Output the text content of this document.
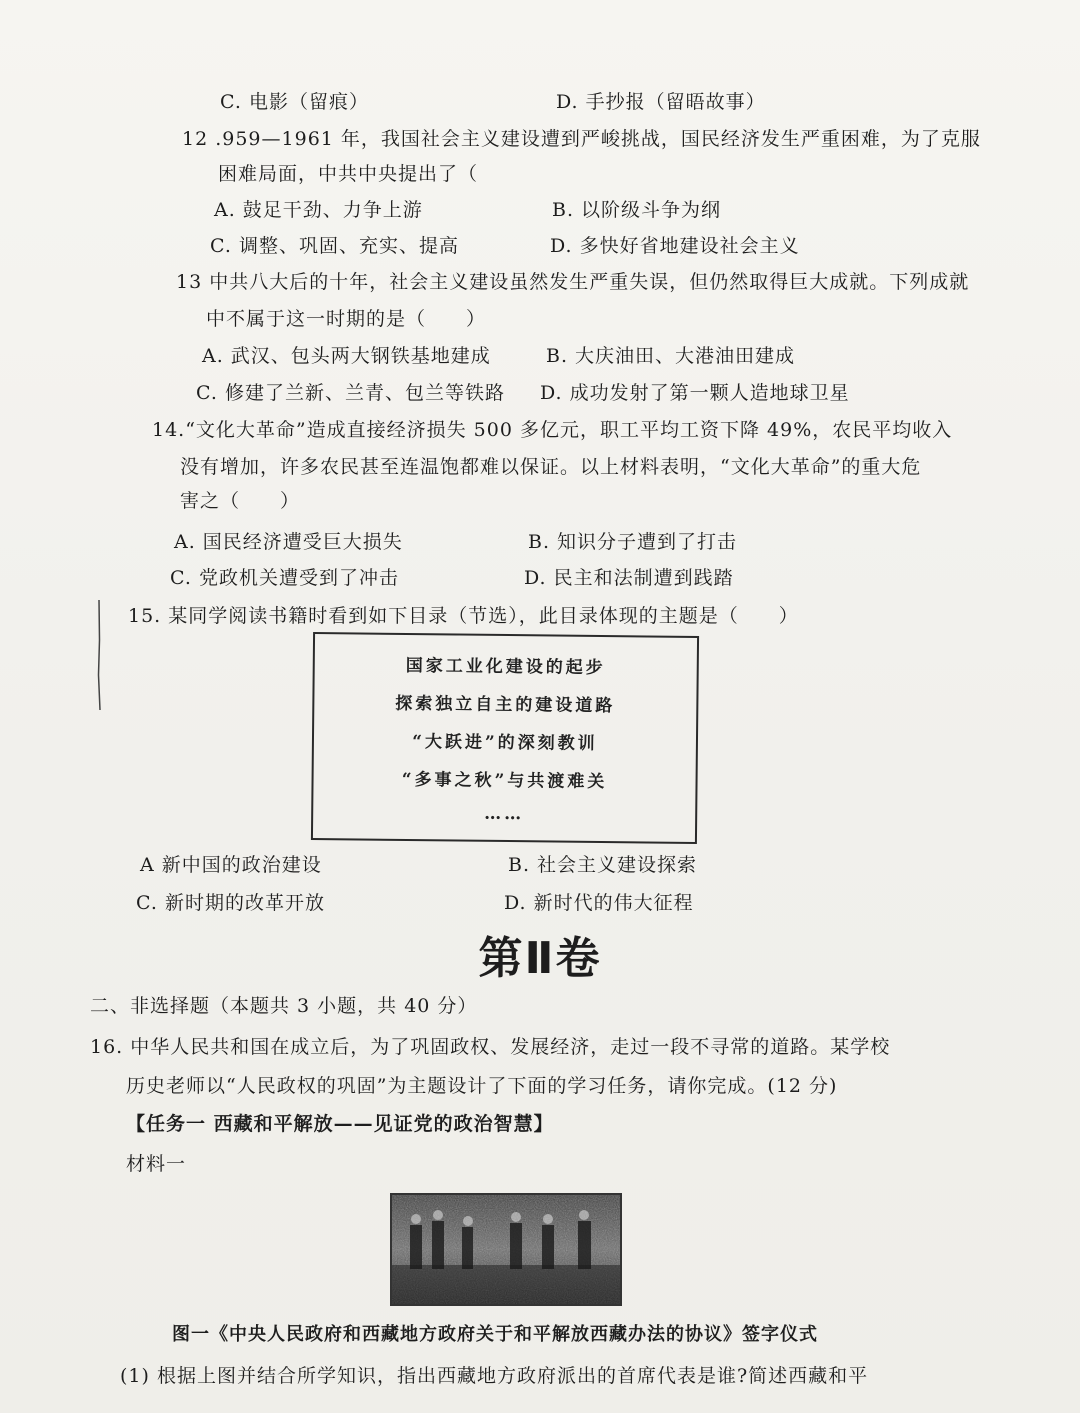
C. 电影（留痕）	D. 手抄报（留晤故事）
12 .959—1961 年，我国社会主义建设遭到严峻挑战，国民经济发生严重困难，为了克服
困难局面，中共中央提出了（
A. 鼓足干劲、力争上游	B. 以阶级斗争为纲
C. 调整、巩固、充实、提高	D. 多快好省地建设社会主义
13 中共八大后的十年，社会主义建设虽然发生严重失误，但仍然取得巨大成就。下列成就
中不属于这一时期的是（　　）
A. 武汉、包头两大钢铁基地建成	B. 大庆油田、大港油田建成
C. 修建了兰新、兰青、包兰等铁路 D. 成功发射了第一颗人造地球卫星
14.“文化大革命”造成直接经济损失 500 多亿元，职工平均工资下降 49%，农民平均收入
没有增加，许多农民甚至连温饱都难以保证。以上材料表明，“文化大革命”的重大危
害之（　　）
A. 国民经济遭受巨大损失	B. 知识分子遭到了打击
C. 党政机关遭受到了冲击	D. 民主和法制遭到践踏
15. 某同学阅读书籍时看到如下目录（节选），此目录体现的主题是（　　）
国家工业化建设的起步
探索独立自主的建设道路
“大跃进”的深刻教训
“多事之秋”与共渡难关
……
A 新中国的政治建设	B. 社会主义建设探索
C. 新时期的改革开放	D. 新时代的伟大征程
第Ⅱ卷
二、非选择题（本题共 3 小题，共 40 分）
16. 中华人民共和国在成立后，为了巩固政权、发展经济，走过一段不寻常的道路。某学校
历史老师以“人民政权的巩固”为主题设计了下面的学习任务，请你完成。(12 分)
【任务一 西藏和平解放——见证党的政治智慧】
材料一
图一《中央人民政府和西藏地方政府关于和平解放西藏办法的协议》签字仪式
(1) 根据上图并结合所学知识，指出西藏地方政府派出的首席代表是谁?简述西藏和平
